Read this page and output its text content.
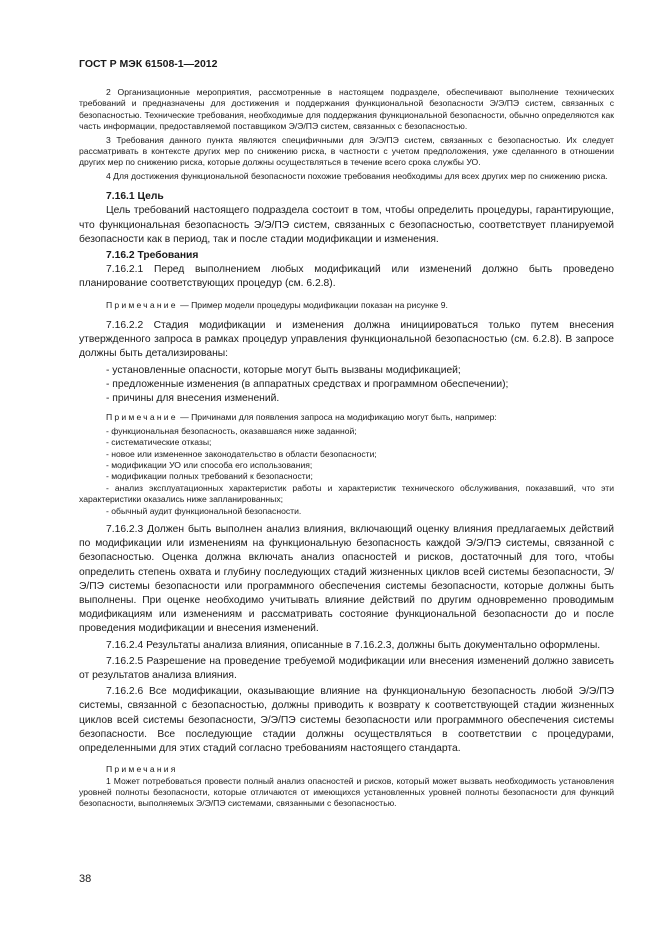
ГОСТ Р МЭК 61508-1—2012
2 Организационные мероприятия, рассмотренные в настоящем подразделе, обеспечивают выполнение технических требований и предназначены для достижения и поддержания функциональной безопасности Э/Э/ПЭ систем, связанных с безопасностью. Технические требования, необходимые для поддержания функциональной безопасности, обычно определяются как часть информации, предоставляемой поставщиком Э/Э/ПЭ систем, связанных с безопасностью.
3 Требования данного пункта являются специфичными для Э/Э/ПЭ систем, связанных с безопасностью. Их следует рассматривать в контексте других мер по снижению риска, в частности с учетом предположения, уже сделанного в отношении других мер по снижению риска, которые должны осуществляться в течение всего срока службы УО.
4 Для достижения функциональной безопасности похожие требования необходимы для всех других мер по снижению риска.
7.16.1 Цель
Цель требований настоящего подраздела состоит в том, чтобы определить процедуры, гарантирующие, что функциональная безопасность Э/Э/ПЭ систем, связанных с безопасностью, соответствует планируемой безопасности как в период, так и после стадии модификации и изменения.
7.16.2 Требования
7.16.2.1 Перед выполнением любых модификаций или изменений должно быть проведено планирование соответствующих процедур (см. 6.2.8).
Примечание — Пример модели процедуры модификации показан на рисунке 9.
7.16.2.2 Стадия модификации и изменения должна инициироваться только путем внесения утвержденного запроса в рамках процедур управления функциональной безопасностью (см. 6.2.8). В запросе должны быть детализированы:
- установленные опасности, которые могут быть вызваны модификацией;
- предложенные изменения (в аппаратных средствах и программном обеспечении);
- причины для внесения изменений.
Примечание — Причинами для появления запроса на модификацию могут быть, например:
- функциональная безопасность, оказавшаяся ниже заданной;
- систематические отказы;
- новое или измененное законодательство в области безопасности;
- модификации УО или способа его использования;
- модификации полных требований к безопасности;
- анализ эксплуатационных характеристик работы и характеристик технического обслуживания, показавший, что эти характеристики оказались ниже запланированных;
- обычный аудит функциональной безопасности.
7.16.2.3 Должен быть выполнен анализ влияния, включающий оценку влияния предлагаемых действий по модификации или изменениям на функциональную безопасность каждой Э/Э/ПЭ системы, связанной с безопасностью. Оценка должна включать анализ опасностей и рисков, достаточный для того, чтобы определить степень охвата и глубину последующих стадий жизненных циклов всей системы безопасности, Э/Э/ПЭ системы безопасности или программного обеспечения системы безопасности, которые должны быть выполнены. При оценке необходимо учитывать влияние действий по другим одновременно проводимым модификациям или изменениям и рассматривать состояние функциональной безопасности до и после проведения модификации и внесения изменений.
7.16.2.4 Результаты анализа влияния, описанные в 7.16.2.3, должны быть документально оформлены.
7.16.2.5 Разрешение на проведение требуемой модификации или внесения изменений должно зависеть от результатов анализа влияния.
7.16.2.6 Все модификации, оказывающие влияние на функциональную безопасность любой Э/Э/ПЭ системы, связанной с безопасностью, должны приводить к возврату к соответствующей стадии жизненных циклов всей системы безопасности, Э/Э/ПЭ системы безопасности или программного обеспечения системы безопасности. Все последующие стадии должны осуществляться в соответствии с процедурами, определенными для этих стадий согласно требованиям настоящего стандарта.
Примечания
1 Может потребоваться провести полный анализ опасностей и рисков, который может вызвать необходимость установления уровней полноты безопасности, которые отличаются от имеющихся установленных уровней полноты безопасности для функций безопасности, выполняемых Э/Э/ПЭ системами, связанными с безопасностью.
38
